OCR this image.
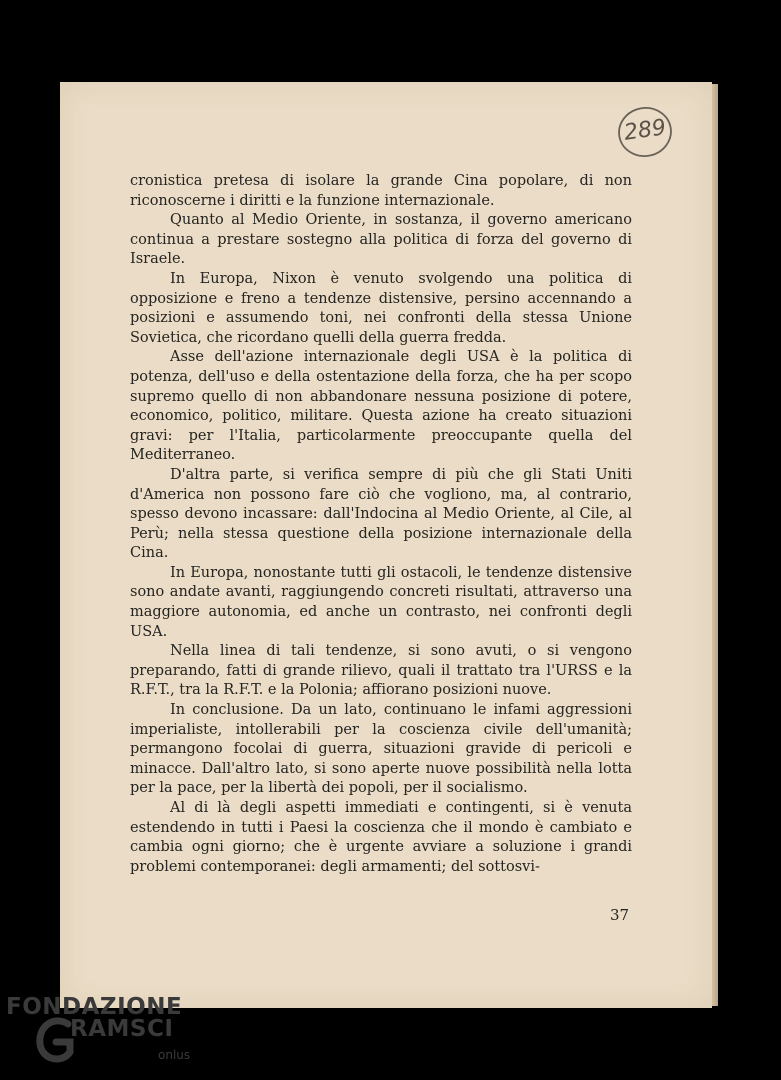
289

cronistica pretesa di isolare la grande Cina popolare, di non riconoscerne i diritti e la funzione internazionale.

Quanto al Medio Oriente, in sostanza, il governo americano continua a prestare sostegno alla politica di forza del governo di Israele.

In Europa, Nixon è venuto svolgendo una politica di opposizione e freno a tendenze distensive, persino accennando a posizioni e assumendo toni, nei confronti della stessa Unione Sovietica, che ricordano quelli della guerra fredda.

Asse dell'azione internazionale degli USA è la politica di potenza, dell'uso e della ostentazione della forza, che ha per scopo supremo quello di non abbandonare nessuna posizione di potere, economico, politico, militare. Questa azione ha creato situazioni gravi: per l'Italia, particolarmente preoccupante quella del Mediterraneo.

D'altra parte, si verifica sempre di più che gli Stati Uniti d'America non possono fare ciò che vogliono, ma, al contrario, spesso devono incassare: dall'Indocina al Medio Oriente, al Cile, al Perù; nella stessa questione della posizione internazionale della Cina.

In Europa, nonostante tutti gli ostacoli, le tendenze distensive sono andate avanti, raggiungendo concreti risultati, attraverso una maggiore autonomia, ed anche un contrasto, nei confronti degli USA.

Nella linea di tali tendenze, si sono avuti, o si vengono preparando, fatti di grande rilievo, quali il trattato tra l'URSS e la R.F.T., tra la R.F.T. e la Polonia; affiorano posizioni nuove.

In conclusione. Da un lato, continuano le infami aggressioni imperialiste, intollerabili per la coscienza civile dell'umanità; permangono focolai di guerra, situazioni gravide di pericoli e minacce. Dall'altro lato, si sono aperte nuove possibilità nella lotta per la pace, per la libertà dei popoli, per il socialismo.

Al di là degli aspetti immediati e contingenti, si è venuta estendendo in tutti i Paesi la coscienza che il mondo è cambiato e cambia ogni giorno; che è urgente avviare a soluzione i grandi problemi contemporanei: degli armamenti; del sottosvi-

37
FONDAZIONE
RAMSCI
onlus
